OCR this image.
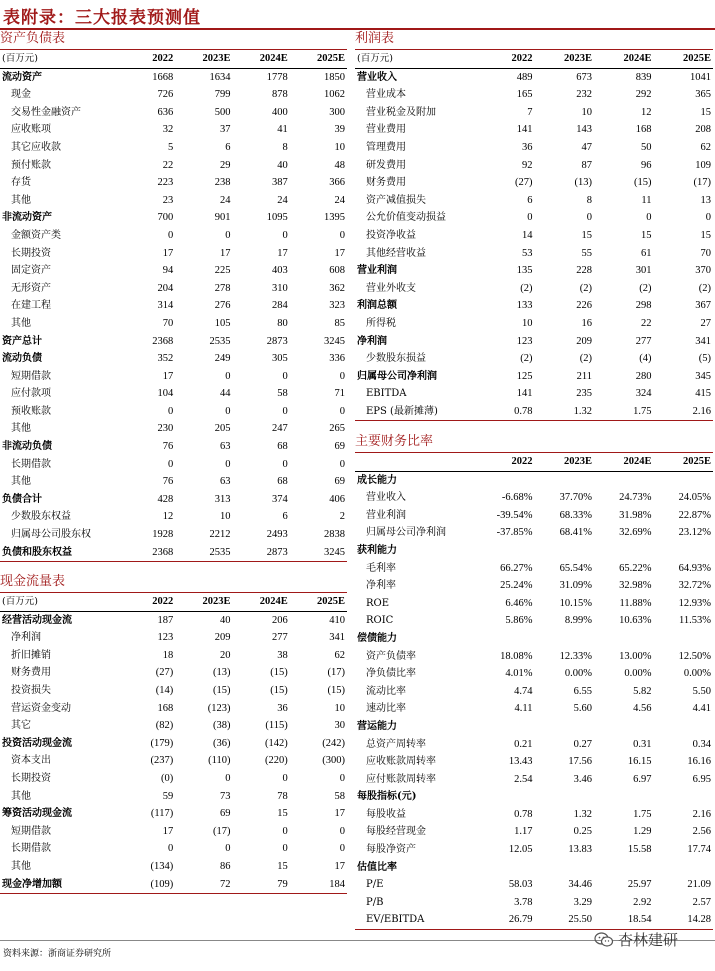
表附录：三大报表预测值
资产负债表
(百万元)	2022	2023E	2024E	2025E
流动资产	1668	1634	1778	1850
现金	726	799	878	1062
交易性金融资产	636	500	400	300
应收账项	32	37	41	39
其它应收款	5	6	8	10
预付账款	22	29	40	48
存货	223	238	387	366
其他	23	24	24	24
非流动资产	700	901	1095	1395
金额资产类	0	0	0	0
长期投资	17	17	17	17
固定资产	94	225	403	608
无形资产	204	278	310	362
在建工程	314	276	284	323
其他	70	105	80	85
资产总计	2368	2535	2873	3245
流动负债	352	249	305	336
短期借款	17	0	0	0
应付款项	104	44	58	71
预收账款	0	0	0	0
其他	230	205	247	265
非流动负债	76	63	68	69
长期借款	0	0	0	0
其他	76	63	68	69
负债合计	428	313	374	406
少数股东权益	12	10	6	2
归属母公司股东权	1928	2212	2493	2838
负债和股东权益	2368	2535	2873	3245
现金流量表
(百万元)	2022	2023E	2024E	2025E
经营活动现金流	187	40	206	410
净利润	123	209	277	341
折旧摊销	18	20	38	62
财务费用	(27)	(13)	(15)	(17)
投资损失	(14)	(15)	(15)	(15)
营运资金变动	168	(123)	36	10
其它	(82)	(38)	(115)	30
投资活动现金流	(179)	(36)	(142)	(242)
资本支出	(237)	(110)	(220)	(300)
长期投资	(0)	0	0	0
其他	59	73	78	58
筹资活动现金流	(117)	69	15	17
短期借款	17	(17)	0	0
长期借款	0	0	0	0
其他	(134)	86	15	17
现金净增加额	(109)	72	79	184
利润表
(百万元)	2022	2023E	2024E	2025E
营业收入	489	673	839	1041
营业成本	165	232	292	365
营业税金及附加	7	10	12	15
营业费用	141	143	168	208
管理费用	36	47	50	62
研发费用	92	87	96	109
财务费用	(27)	(13)	(15)	(17)
资产减值损失	6	8	11	13
公允价值变动损益	0	0	0	0
投资净收益	14	15	15	15
其他经营收益	53	55	61	70
营业利润	135	228	301	370
营业外收支	(2)	(2)	(2)	(2)
利润总额	133	226	298	367
所得税	10	16	22	27
净利润	123	209	277	341
少数股东损益	(2)	(2)	(4)	(5)
归属母公司净利润	125	211	280	345
EBITDA	141	235	324	415
EPS (最新摊薄)	0.78	1.32	1.75	2.16
主要财务比率
	2022	2023E	2024E	2025E
成长能力				
营业收入	-6.68%	37.70%	24.73%	24.05%
营业利润	-39.54%	68.33%	31.98%	22.87%
归属母公司净利润	-37.85%	68.41%	32.69%	23.12%
获利能力				
毛利率	66.27%	65.54%	65.22%	64.93%
净利率	25.24%	31.09%	32.98%	32.72%
ROE	6.46%	10.15%	11.88%	12.93%
ROIC	5.86%	8.99%	10.63%	11.53%
偿债能力				
资产负债率	18.08%	12.33%	13.00%	12.50%
净负债比率	4.01%	0.00%	0.00%	0.00%
流动比率	4.74	6.55	5.82	5.50
速动比率	4.11	5.60	4.56	4.41
营运能力				
总资产周转率	0.21	0.27	0.31	0.34
应收账款周转率	13.43	17.56	16.15	16.16
应付账款周转率	2.54	3.46	6.97	6.95
每股指标(元)				
每股收益	0.78	1.32	1.75	2.16
每股经营现金	1.17	0.25	1.29	2.56
每股净资产	12.05	13.83	15.58	17.74
估值比率				
P/E	58.03	34.46	25.97	21.09
P/B	3.78	3.29	2.92	2.57
EV/EBITDA	26.79	25.50	18.54	14.28
资料来源：浙商证券研究所
杏林建研
